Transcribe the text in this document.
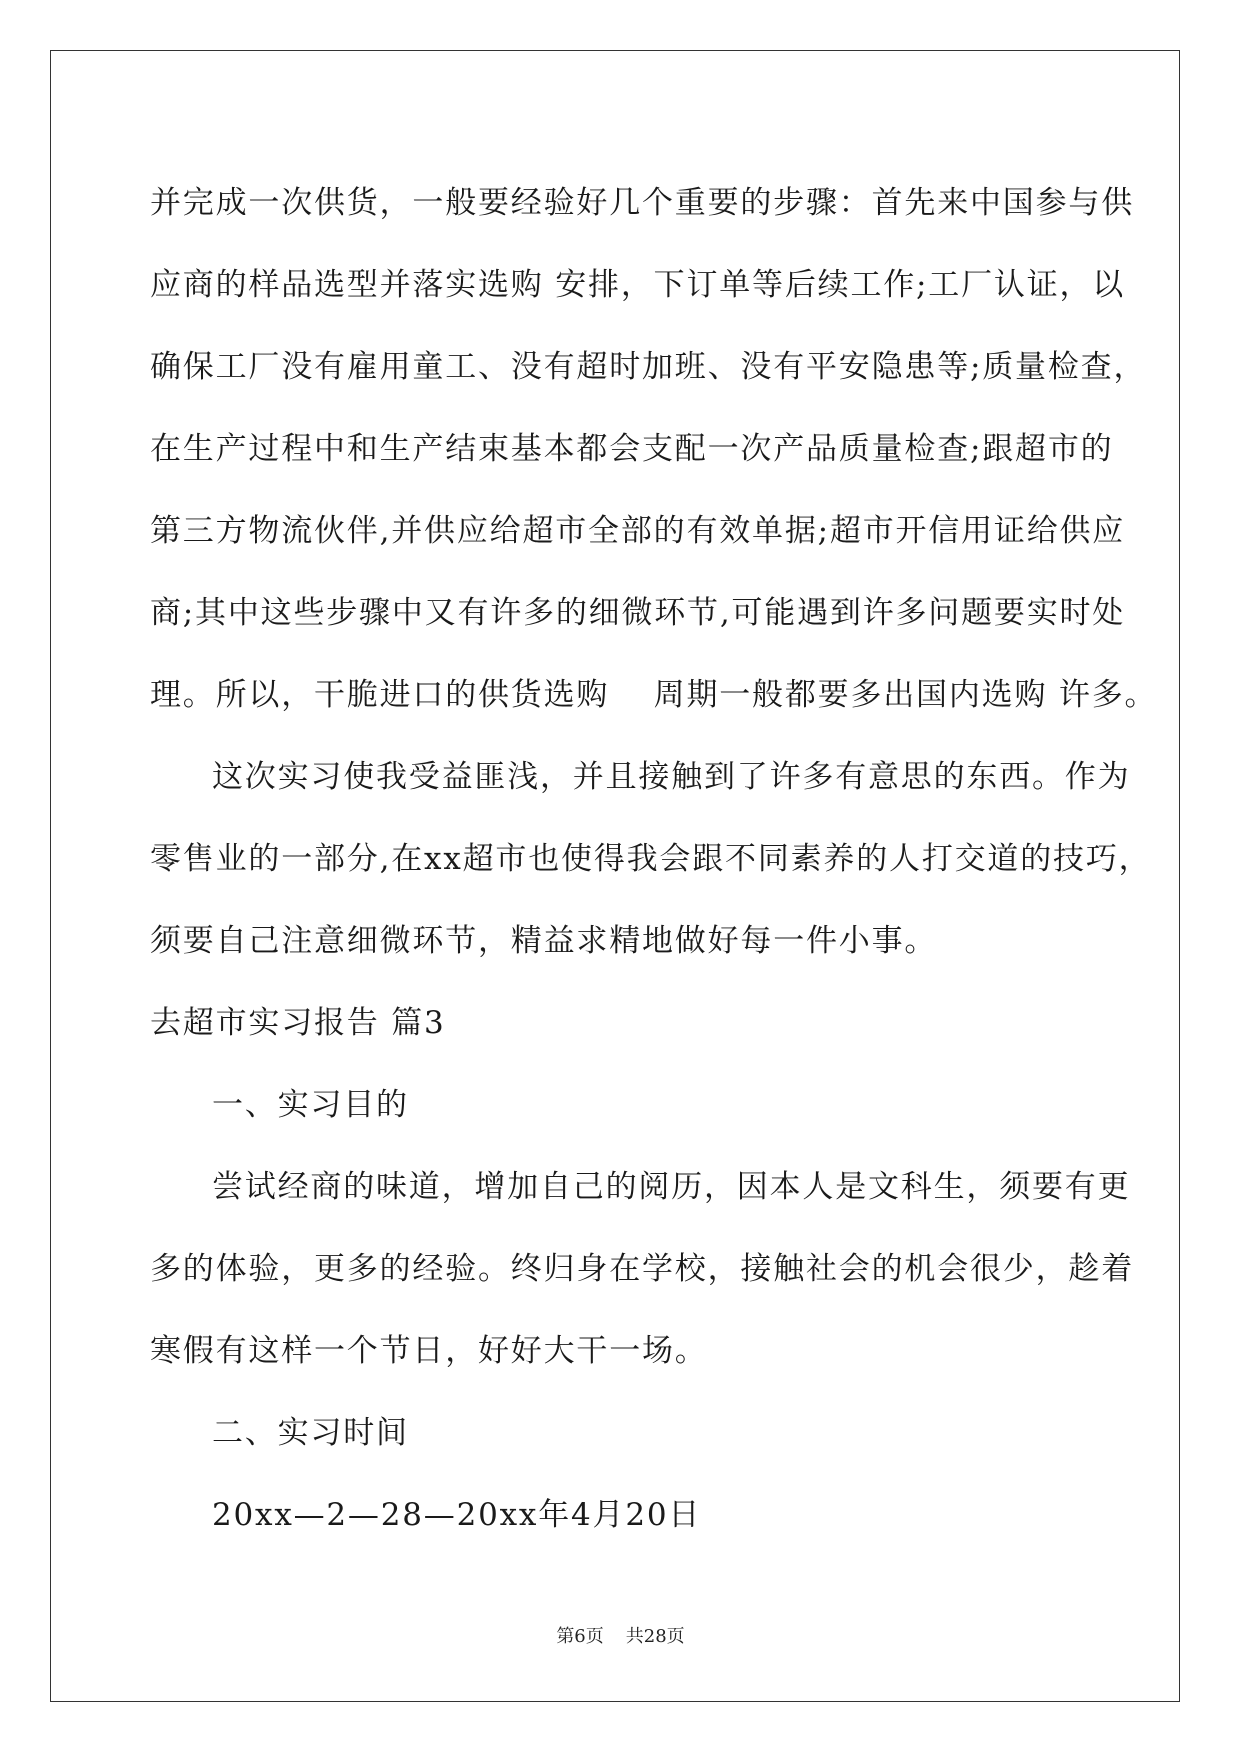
并完成一次供货，一般要经验好几个重要的步骤：首先来中国参与供
应商的样品选型并落实选购 安排，下订单等后续工作;工厂认证，以
确保工厂没有雇用童工、没有超时加班、没有平安隐患等;质量检查，
在生产过程中和生产结束基本都会支配一次产品质量检查;跟超市的
第三方物流伙伴,并供应给超市全部的有效单据;超市开信用证给供应
商;其中这些步骤中又有许多的细微环节,可能遇到许多问题要实时处
理。所以，干脆进口的供货选购　 周期一般都要多出国内选购 许多。
这次实习使我受益匪浅，并且接触到了许多有意思的东西。作为
零售业的一部分,在xx超市也使得我会跟不同素养的人打交道的技巧，
须要自己注意细微环节，精益求精地做好每一件小事。
去超市实习报告 篇3
一、实习目的
尝试经商的味道，增加自己的阅历，因本人是文科生，须要有更
多的体验，更多的经验。终归身在学校，接触社会的机会很少，趁着
寒假有这样一个节日，好好大干一场。
二、实习时间
20xx—2—28—20xx年4月20日
第6页 共28页
